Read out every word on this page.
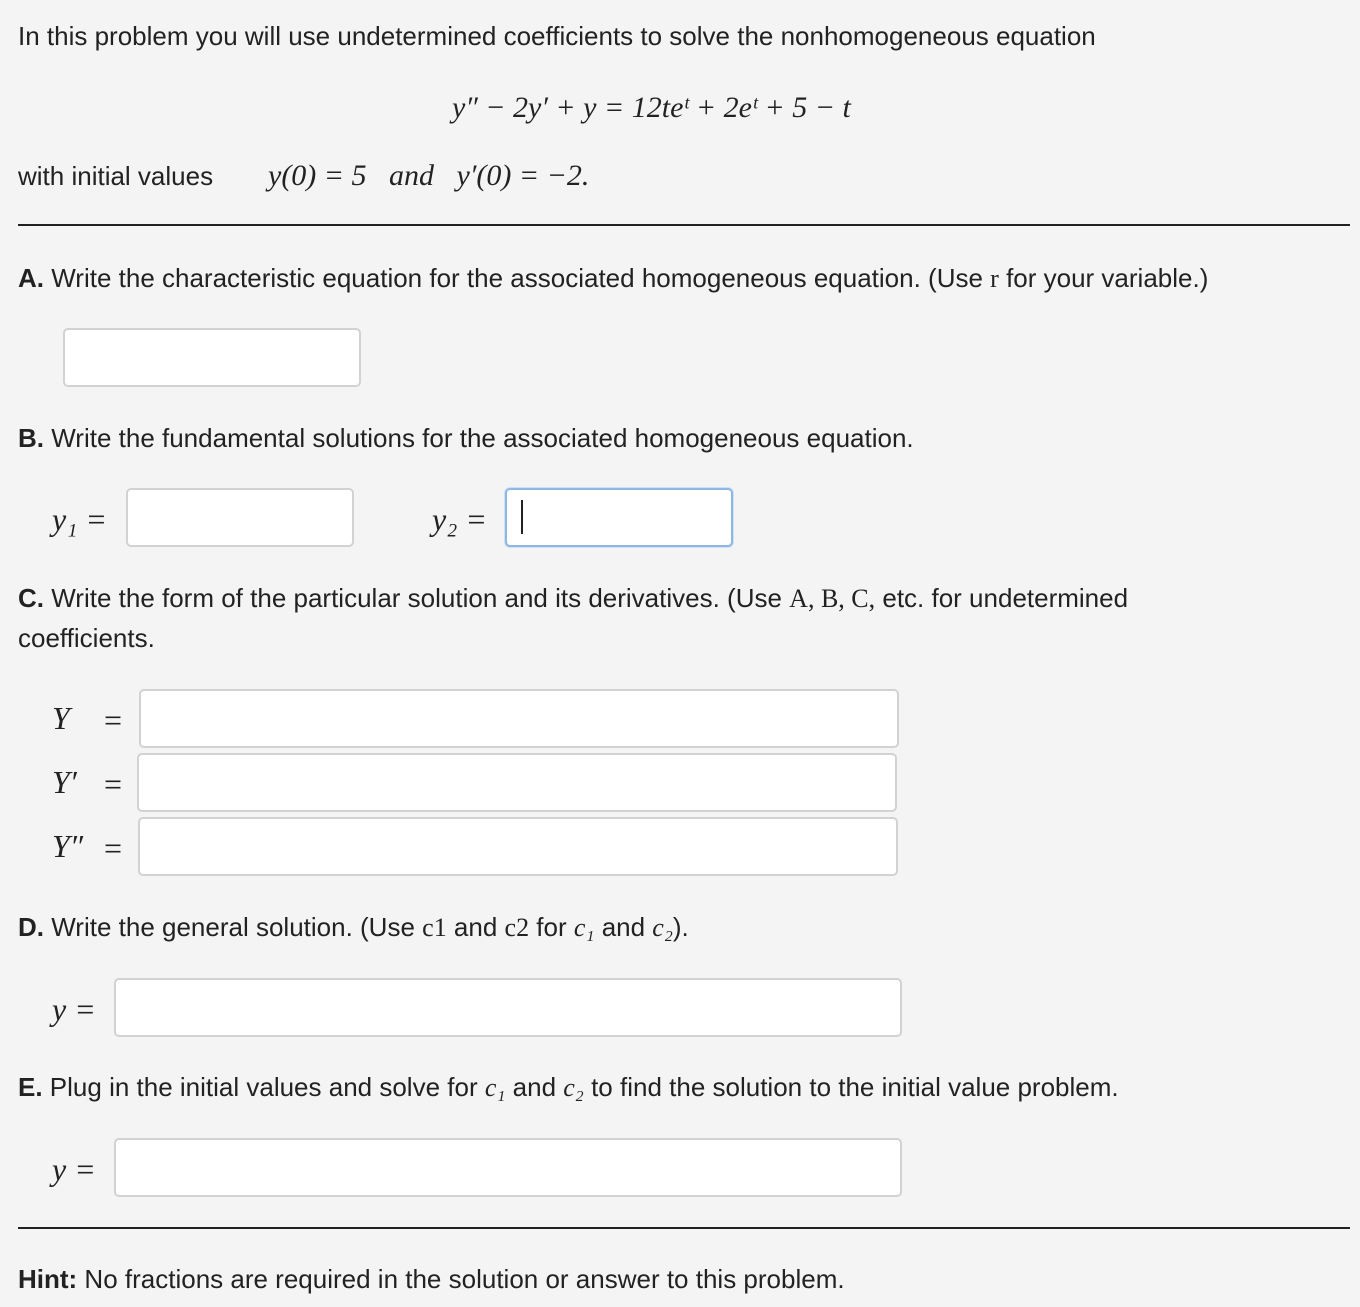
In this problem you will use undetermined coefficients to solve the nonhomogeneous equation
y″ − 2y′ + y = 12teᵗ + 2eᵗ + 5 − t
with initial values y(0) = 5   and   y′(0) = −2.
A. Write the characteristic equation for the associated homogeneous equation. (Use r for your variable.)
B. Write the fundamental solutions for the associated homogeneous equation.
y₁ =	y₂ =
C. Write the form of the particular solution and its derivatives. (Use A, B, C, etc. for undetermined
coefficients.
Y =
Y′ =
Y″ =
D. Write the general solution. (Use c1 and c2 for c₁ and c₂).
y =
E. Plug in the initial values and solve for c₁ and c₂ to find the solution to the initial value problem.
y =
Hint: No fractions are required in the solution or answer to this problem.
